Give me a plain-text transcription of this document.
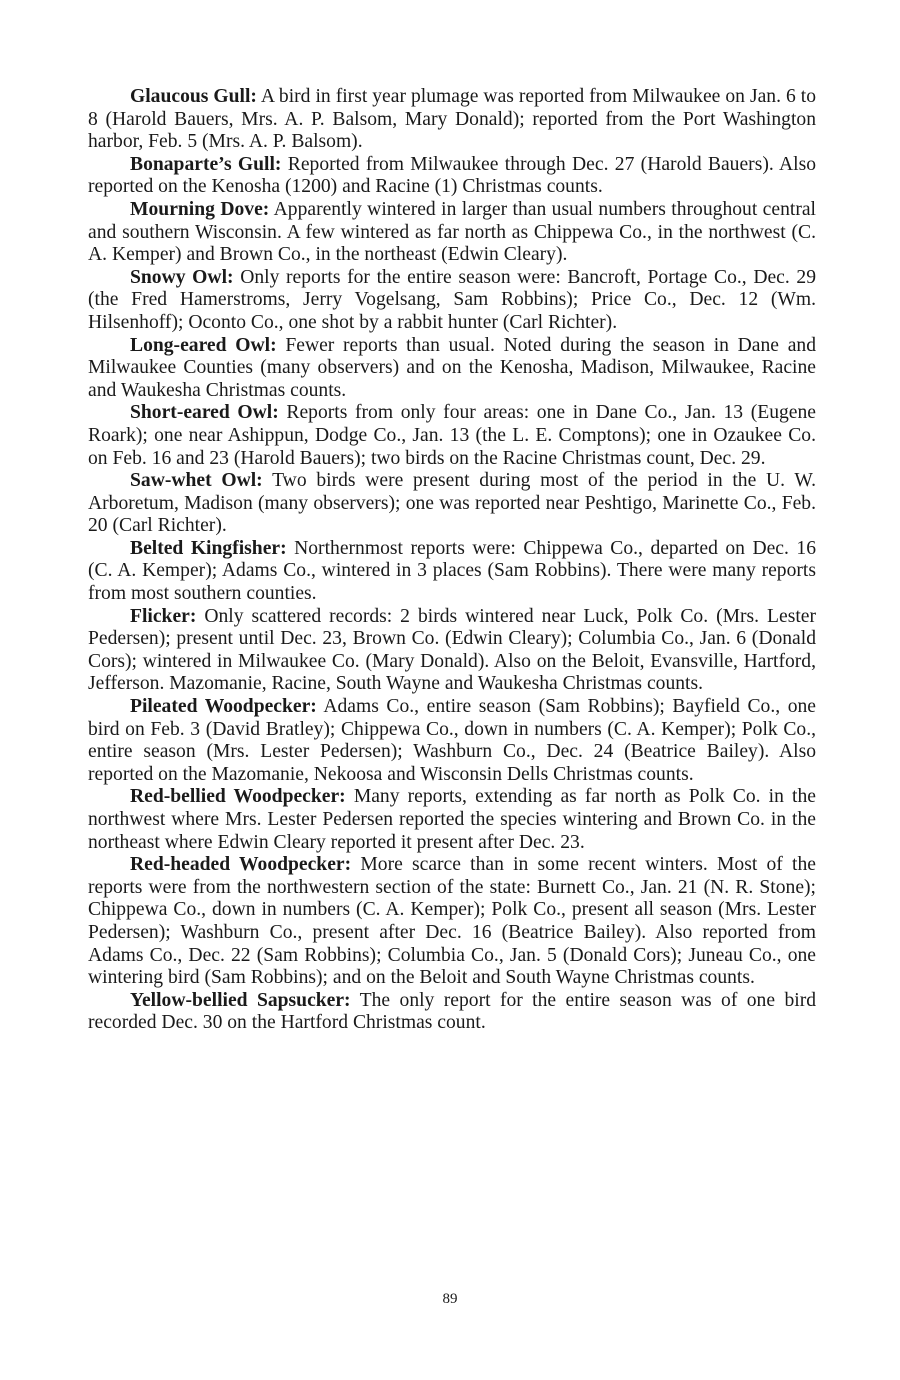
Glaucous Gull: A bird in first year plumage was reported from Milwaukee on Jan. 6 to 8 (Harold Bauers, Mrs. A. P. Balsom, Mary Donald); reported from the Port Washington harbor, Feb. 5 (Mrs. A. P. Balsom).

Bonaparte’s Gull: Reported from Milwaukee through Dec. 27 (Harold Bauers). Also reported on the Kenosha (1200) and Racine (1) Christmas counts.

Mourning Dove: Apparently wintered in larger than usual numbers throughout central and southern Wisconsin. A few wintered as far north as Chippewa Co., in the northwest (C. A. Kemper) and Brown Co., in the northeast (Edwin Cleary).

Snowy Owl: Only reports for the entire season were: Bancroft, Portage Co., Dec. 29 (the Fred Hamerstroms, Jerry Vogelsang, Sam Robbins); Price Co., Dec. 12 (Wm. Hilsenhoff); Oconto Co., one shot by a rabbit hunter (Carl Richter).

Long-eared Owl: Fewer reports than usual. Noted during the season in Dane and Milwaukee Counties (many observers) and on the Kenosha, Madison, Milwaukee, Racine and Waukesha Christmas counts.

Short-eared Owl: Reports from only four areas: one in Dane Co., Jan. 13 (Eugene Roark); one near Ashippun, Dodge Co., Jan. 13 (the L. E. Comptons); one in Ozaukee Co. on Feb. 16 and 23 (Harold Bauers); two birds on the Racine Christmas count, Dec. 29.

Saw-whet Owl: Two birds were present during most of the period in the U. W. Arboretum, Madison (many observers); one was reported near Peshtigo, Marinette Co., Feb. 20 (Carl Richter).

Belted Kingfisher: Northernmost reports were: Chippewa Co., departed on Dec. 16 (C. A. Kemper); Adams Co., wintered in 3 places (Sam Robbins). There were many reports from most southern counties.

Flicker: Only scattered records: 2 birds wintered near Luck, Polk Co. (Mrs. Lester Pedersen); present until Dec. 23, Brown Co. (Edwin Cleary); Columbia Co., Jan. 6 (Donald Cors); wintered in Milwaukee Co. (Mary Donald). Also on the Beloit, Evansville, Hartford, Jefferson. Mazomanie, Racine, South Wayne and Waukesha Christmas counts.

Pileated Woodpecker: Adams Co., entire season (Sam Robbins); Bayfield Co., one bird on Feb. 3 (David Bratley); Chippewa Co., down in numbers (C. A. Kemper); Polk Co., entire season (Mrs. Lester Pedersen); Washburn Co., Dec. 24 (Beatrice Bailey). Also reported on the Mazomanie, Nekoosa and Wisconsin Dells Christmas counts.

Red-bellied Woodpecker: Many reports, extending as far north as Polk Co. in the northwest where Mrs. Lester Pedersen reported the species wintering and Brown Co. in the northeast where Edwin Cleary reported it present after Dec. 23.

Red-headed Woodpecker: More scarce than in some recent winters. Most of the reports were from the northwestern section of the state: Burnett Co., Jan. 21 (N. R. Stone); Chippewa Co., down in numbers (C. A. Kemper); Polk Co., present all season (Mrs. Lester Pedersen); Washburn Co., present after Dec. 16 (Beatrice Bailey). Also reported from Adams Co., Dec. 22 (Sam Robbins); Columbia Co., Jan. 5 (Donald Cors); Juneau Co., one wintering bird (Sam Robbins); and on the Beloit and South Wayne Christmas counts.

Yellow-bellied Sapsucker: The only report for the entire season was of one bird recorded Dec. 30 on the Hartford Christmas count.

89
